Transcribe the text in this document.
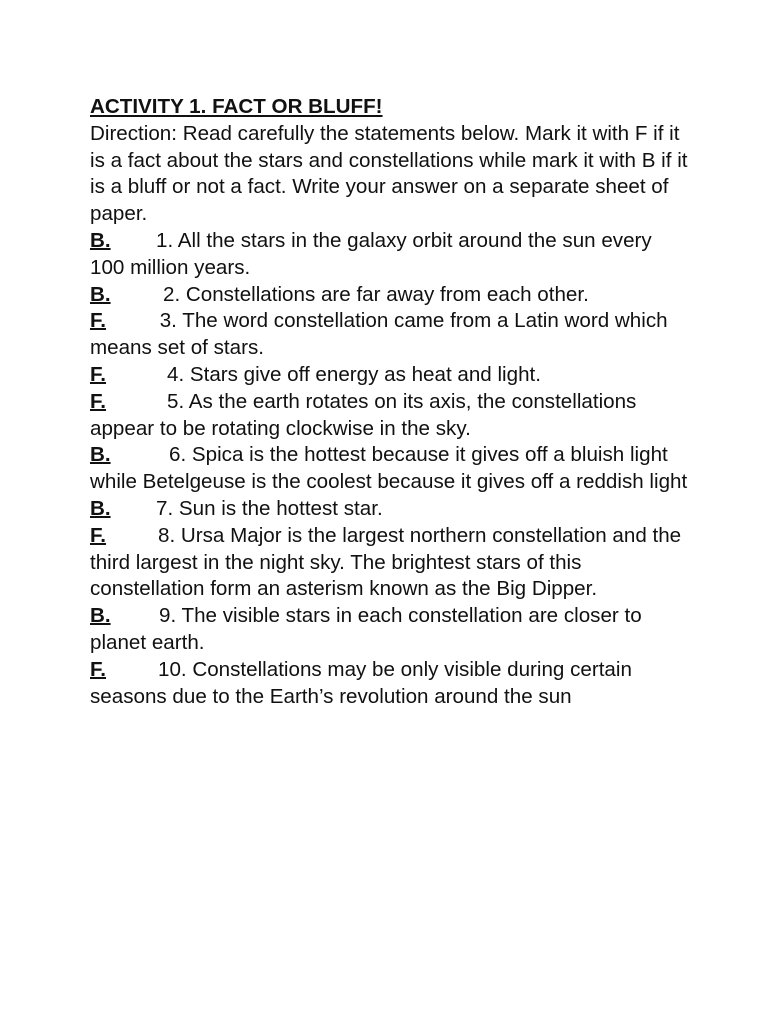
ACTIVITY 1. FACT OR BLUFF!
Direction: Read carefully the statements below. Mark it with F if it is a fact about the stars and constellations while mark it with B if it is a bluff or not a fact. Write your answer on a separate sheet of paper.
B. 1. All the stars in the galaxy orbit around the sun every 100 million years.
B.	2. Constellations are far away from each other.
F. 3. The word constellation came from a Latin word which means set of stars.
F.	4. Stars give off energy as heat and light.
F.	5. As the earth rotates on its axis, the constellations appear to be rotating clockwise in the sky.
B.	6. Spica is the hottest because it gives off a bluish light while Betelgeuse is the coolest because it gives off a reddish light
B. 7. Sun is the hottest star.
F.	8. Ursa Major is the largest northern constellation and the third largest in the night sky. The brightest stars of this constellation form an asterism known as the Big Dipper.
B. 9. The visible stars in each constellation are closer to planet earth.
F.	10. Constellations may be only visible during certain seasons due to the Earth’s revolution around the sun
